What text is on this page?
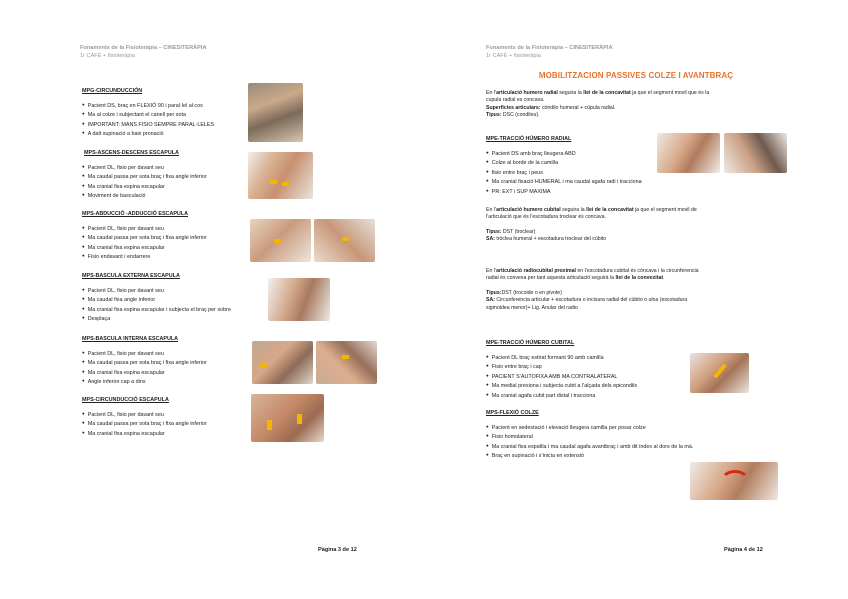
Fonaments de la Fisioteràpia – CINESITERÀPIA
1r CAFÈ + fisioteràpia
MPG-CIRCUNDUCCIÓN
● Pacient DS, braç en FLEXIÓ 90 i paral·lel al cos
● Ma al colze i subjectant el canell per sota
● IMPORTANT: MANS FISIO SEMPRE PARAL·LELES
● A dalt supinació a baix pronació
MPS-ASCENS-DESCENS ESCAPULA
● Pacient DL, fisio per davant seu
● Ma caudal passa per sota braç i fixa angle inferior
● Ma cranial fixa espina escapular
● Moviment de basculació
MPS-ABDUCCIÓ -ADDUCCIÓ ESCAPULA
● Pacient DL, fisio per davant seu
● Ma caudal passa per sota braç i fixa angle inferior
● Ma cranial fixa espina escapular
● Fisio endavant i endarrere
MPS-BASCULA EXTERNA ESCAPULA
● Pacient DL, fisio per davant seu
● Ma caudal fixa angle inferior
● Ma cranial fixa espina escapular i subjecta el braç per sobre
● Desplaça
MPS-BASCULA INTERNA ESCAPULA
● Pacient DL, fisio per davant seu
● Ma caudal passa per sota braç i fixa angle inferior
● Ma cranial fixa espina escapular
● Angle inferior cap a dins
MPS-CIRCUNDUCCIÓ ESCAPULA
● Pacient DL, fisio per davant seu
● Ma caudal passa per sota braç i fixa angle inferior
● Ma cranial fixa espina escapular
Pàgina 3 de 12
Fonaments de la Fisioteràpia – CINESITERÀPIA
1r CAFÈ + fisioteràpia
MOBILITZACION PASSIVES COLZE I AVANTBRAÇ
En l’articulació humero radial seguira la llei de la concavitat ja que el segment movil que és la
cupula radial es concava.
Superficies articulars: còndilo humeral + cúpula radial.
Tipus: DSC (condileu).
MPE-TRACCIÓ HÚMERO RADIAL
● Pacient DS amb braç lleugera ABD
● Colze al borde de la camilla
● fisio entre braç i peus
● Ma cranial fixació HUMERAL i ma caudal agafa radi i tracciona
● PR: EXT i SUP MAXIMA
En l’articulació humero cubital seguira la llei de la concavitat ja que el segment movil de
l’articulació que és l’escotadura troclear és concava.
Tipus: DST (troclear)
SA: tròclea humeral + escotadura troclear del cúbito
En l’articulació radiocubital proximal en l’escotadura cubital és còncava i la circunferencia
radial és convexa per tant aquesta articulació seguirà la llei de la convexitat.
Tipus:DST (trocoide o en pivote)
SA: Circunferencia articular + escotadura o incisura radial del cúbito o ulna (escotadura
sigmoidea menor)+ Lig. Anular del radio
MPE-TRACCIÓ HÚMERO CUBITAL
● Pacient DL braç estirat formant 90 amb camilla
● Fisio entre braç i cap
● PACIENT S’AUTOFIXA AMB MA CONTRALATERAL
● Ma medial presiona i subjecta cubit a l’alçada dels epicondils
● Ma cranial agafa cubit part distal i tracciona
MPS-FLEXIÓ COLZE
● Pacient en sedestació i elevació lleugera camilla per posar colze
● Fisio homolateral
● Ma cranial fixa espatlla i ma caudal agafa avantbraç i amb dit index al dors de la mà.
● Braç en supinació i s’inicia en extensió
Pàgina 4 de 12
